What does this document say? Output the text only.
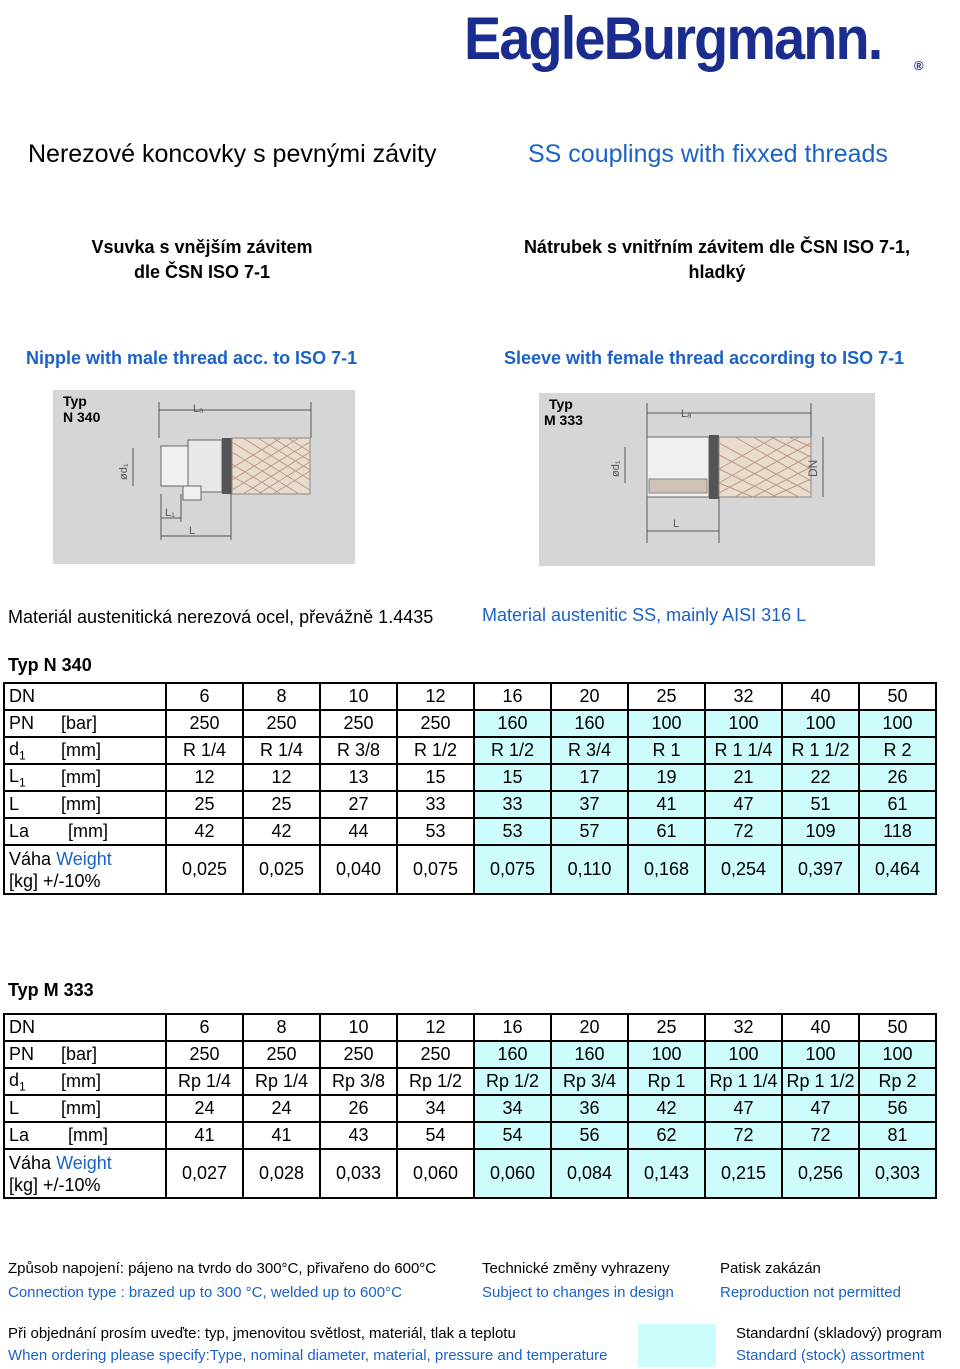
EagleBurgmann.	®
Nerezové koncovky s pevnými závity	SS couplings with fixxed threads
Vsuvka s vnějším závitem
dle ČSN ISO 7-1
Nátrubek s vnitřním závitem dle ČSN ISO 7-1,
hladký
Nipple with male thread acc. to ISO 7-1	Sleeve with female thread according to ISO 7-1
Typ
N 340	Lₐ
ød₁
L₁
L
Typ
M 333	Lₐ
ød₁	DN
L
Materiál austenitická nerezová ocel, převážně 1.4435	Material austenitic SS, mainly AISI 316 L
Typ N 340
DN	6	8	10	12	16	20	25	32	40	50
PN [bar]	250	250	250	250	160	160	100	100	100	100
$d_1$ [mm]	R 1/4	R 1/4	R 3/8	R 1/2	R 1/2	R 3/4	R 1	R 1 1/4	R 1 1/2	R 2
$L_1$ [mm]	12	12	13	15	15	17	19	21	22	26
L [mm]	25	25	27	33	33	37	41	47	51	61
La [mm]	42	42	44	53	53	57	61	72	109	118
Váha Weight
[kg] +/-10%	0,025	0,025	0,040	0,075	0,075	0,110	0,168	0,254	0,397	0,464
Typ M 333
DN	6	8	10	12	16	20	25	32	40	50
PN [bar]	250	250	250	250	160	160	100	100	100	100
$d_1$ [mm]	Rp 1/4	Rp 1/4	Rp 3/8	Rp 1/2	Rp 1/2	Rp 3/4	Rp 1	Rp 1 1/4	Rp 1 1/2	Rp 2
L [mm]	24	24	26	34	34	36	42	47	47	56
La [mm]	41	41	43	54	54	56	62	72	72	81
Váha Weight
[kg] +/-10%	0,027	0,028	0,033	0,060	0,060	0,084	0,143	0,215	0,256	0,303
Způsob napojení: pájeno na tvrdo do 300°C, přivařeno do 600°C
Connection type : brazed up to 300 °C, welded up to 600°C
Technické změny vyhrazeny
Subject to changes in design
Patisk zakázán
Reproduction not permitted
Při objednání prosím uveďte: typ, jmenovitou světlost, materiál, tlak a teplotu
When ordering please specify:Type, nominal diameter, material, pressure and temperature
Standardní (skladový) program
Standard (stock) assortment
